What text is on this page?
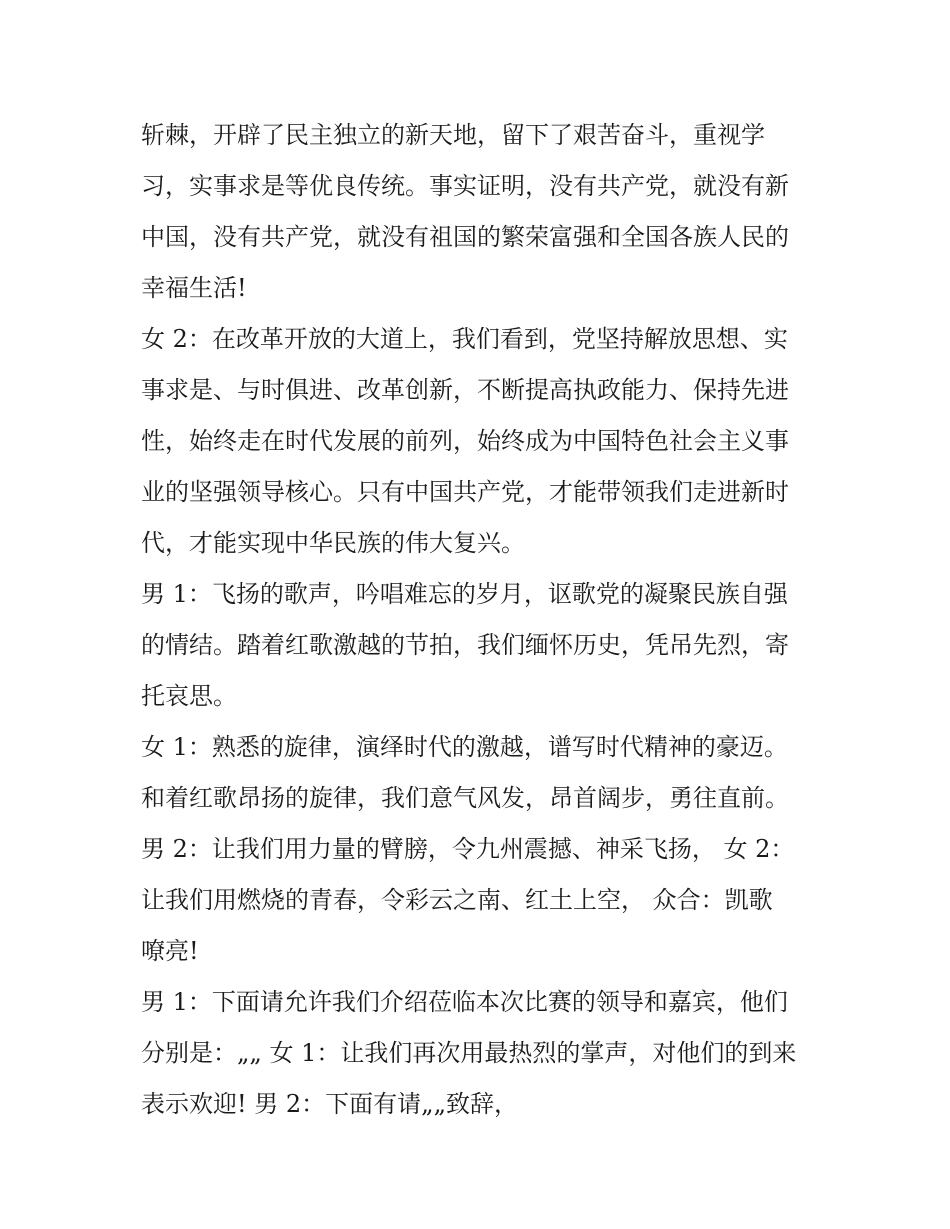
斩棘，开辟了民主独立的新天地，留下了艰苦奋斗，重视学
习，实事求是等优良传统。事实证明，没有共产党，就没有新
中国，没有共产党，就没有祖国的繁荣富强和全国各族人民的
幸福生活!
女 2：在改革开放的大道上，我们看到，党坚持解放思想、实
事求是、与时俱进、改革创新，不断提高执政能力、保持先进
性，始终走在时代发展的前列，始终成为中国特色社会主义事
业的坚强领导核心。只有中国共产党，才能带领我们走进新时
代，才能实现中华民族的伟大复兴。
男 1：飞扬的歌声，吟唱难忘的岁月，讴歌党的凝聚民族自强
的情结。踏着红歌激越的节拍，我们缅怀历史，凭吊先烈，寄
托哀思。
女 1：熟悉的旋律，演绎时代的激越，谱写时代精神的豪迈。
和着红歌昂扬的旋律，我们意气风发，昂首阔步，勇往直前。
男 2：让我们用力量的臂膀，令九州震撼、神采飞扬， 女 2：
让我们用燃烧的青春，令彩云之南、红土上空， 众合：凯歌
嘹亮!
男 1：下面请允许我们介绍莅临本次比赛的领导和嘉宾，他们
分别是：„„ 女 1：让我们再次用最热烈的掌声，对他们的到来
表示欢迎! 男 2：下面有请„„致辞，
